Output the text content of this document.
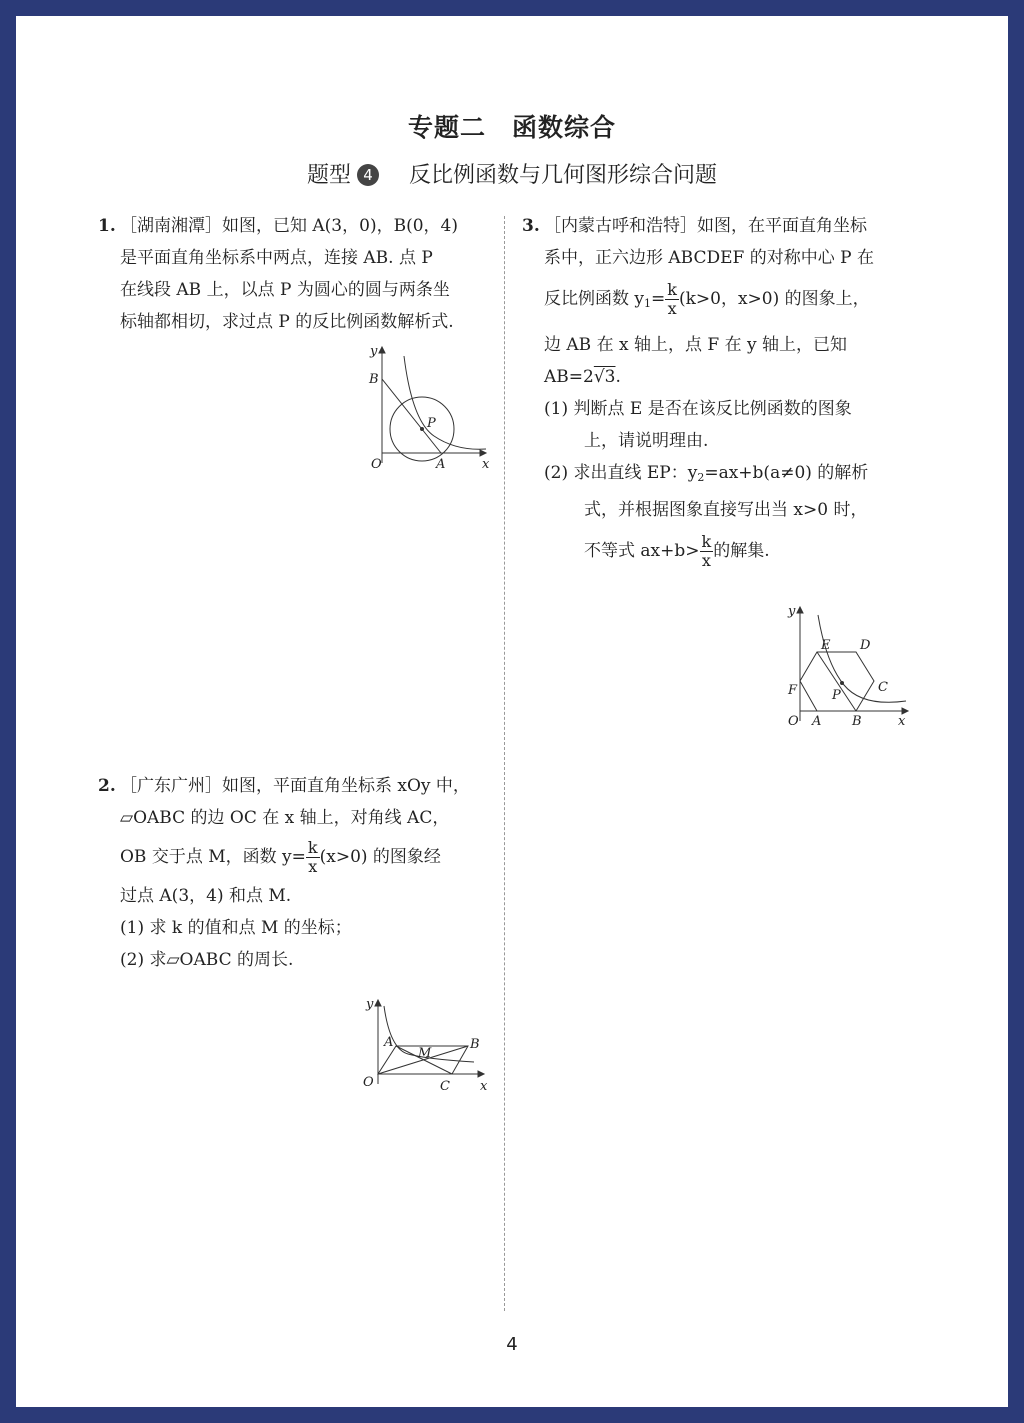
专题二　函数综合
题型 4 反比例函数与几何图形综合问题
1. ［湖南湘潭］如图，已知 A(3，0)，B(0，4)
是平面直角坐标系中两点，连接 AB. 点 P
在线段 AB 上，以点 P 为圆心的圆与两条坐
标轴都相切，求过点 P 的反比例函数解析式.
y
B
P
O	A	x
2. ［广东广州］如图，平面直角坐标系 xOy 中，
▱OABC 的边 OC 在 x 轴上，对角线 AC，
OB 交于点 M，函数 $y= \frac{k}{x} (x>0)$ 的图象经
过点 A(3，4) 和点 M.
(1) 求 k 的值和点 M 的坐标；
(2) 求▱OABC 的周长.
y
A
M
B
O	C x
3. ［内蒙古呼和浩特］如图，在平面直角坐标
系中，正六边形 ABCDEF 的对称中心 P 在
反比例函数 $y_1= \frac{k}{x} (k>0$，x>0) 的图象上，
边 AB 在 x 轴上，点 F 在 y 轴上，已知
AB=2√3.
(1) 判断点 E 是否在该反比例函数的图象
上，请说明理由.
(2) 求出直线 EP：$y_2=ax+b(a\ne 0)$ 的解析
式，并根据图象直接写出当 x>0 时，
不等式 $ax+b> \frac{k}{x}$ 的解集.
y
E D
F	C
P
O A B	x
4
